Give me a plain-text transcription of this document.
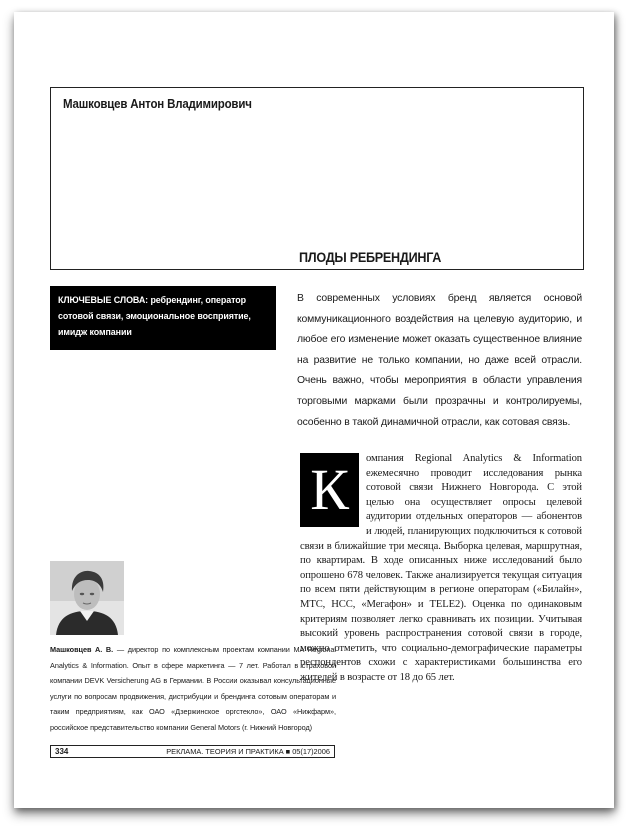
Машковцев Антон Владимирович
ПЛОДЫ РЕБРЕНДИНГА
КЛЮЧЕВЫЕ СЛОВА: ребрендинг, оператор сотовой связи, эмоциональное восприятие, имидж компании
В современных условиях бренд является основой коммуникационного воздействия на целевую аудиторию, и любое его изменение может оказать существенное влияние на развитие не только компании, но даже всей отрасли. Очень важно, чтобы мероприятия в области управления торговыми марками были прозрачны и контролируемы, особенно в такой динамичной отрасли, как сотовая связь.
К	омпания Regional Analytics & Information ежемесячно проводит исследования рынка сотовой связи Нижнего Новгорода. С этой целью она осуществляет опросы целевой аудитории отдельных операторов — абонентов и людей, планирующих подключиться к сотовой связи в ближайшие три месяца. Выборка целевая, маршрутная, по квартирам. В ходе описанных ниже исследований было опрошено 678 человек. Также анализируется текущая ситуация по всем пяти действующим в регионе операторам («Билайн», МТС, НСС, «Мегафон» и TELE2). Оценка по одинаковым критериям позволяет легко сравнивать их позиции. Учитывая высокий уровень распространения сотовой связи в городе, можно отметить, что социально-демографические параметры респондентов схожи с характеристиками большинства его жителей в возрасте от 18 до 65 лет.
Машковцев А. В. — директор по комплексным проектам компании MA Regional Analytics & Information. Опыт в сфере маркетинга — 7 лет. Работал в страховой компании DEVK Versicherung AG в Германии. В России оказывал консультационные услуги по вопросам продвижения, дистрибуции и брендинга сотовым операторам и таким предприятиям, как ОАО «Дзержинское оргстекло», ОАО «Нижфарм», российское представительство компании General Motors (г. Нижний Новгород)
334	РЕКЛАМА. ТЕОРИЯ И ПРАКТИКА ■ 05(17)2006
